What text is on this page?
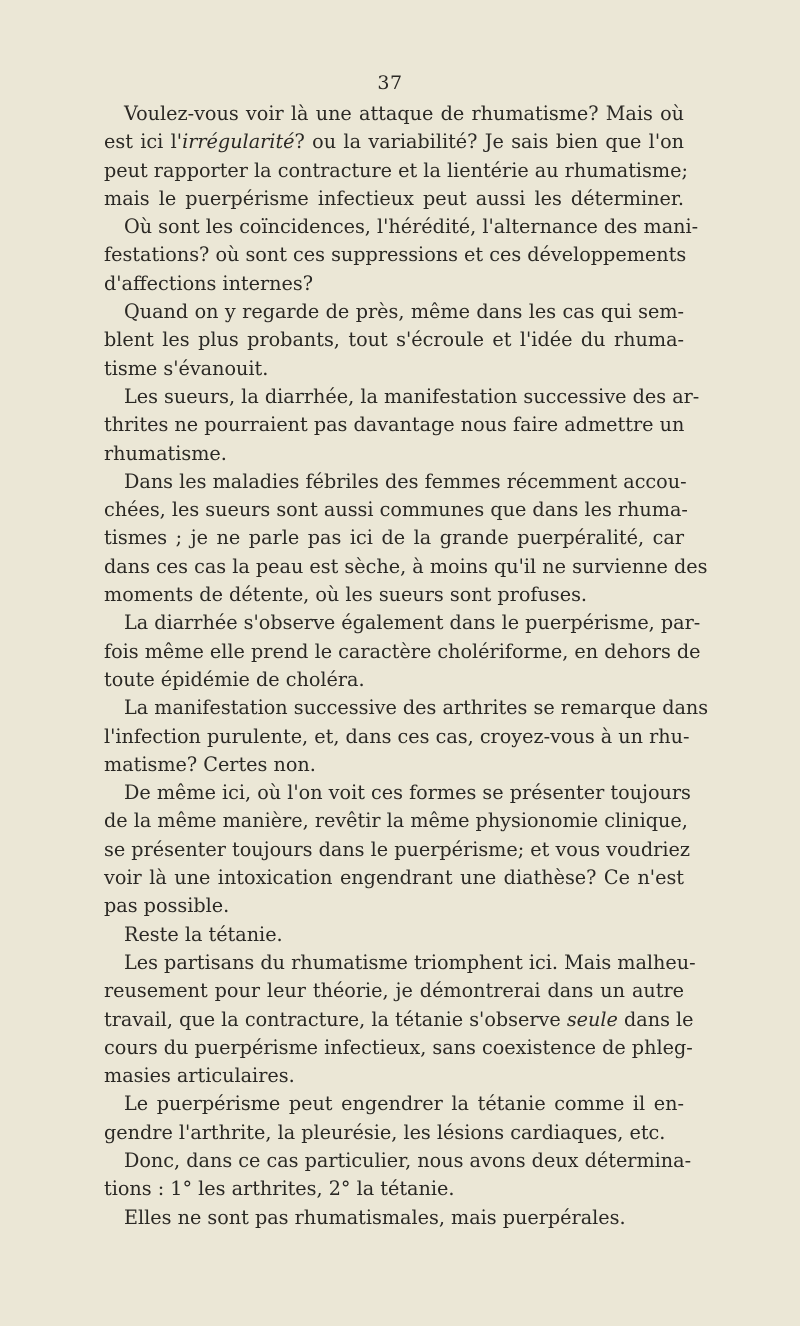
37
Voulez-vous voir là une attaque de rhumatisme? Mais où
est ici l'irrégularité? ou la variabilité? Je sais bien que l'on
peut rapporter la contracture et la lientérie au rhumatisme;
mais le puerpérisme infectieux peut aussi les déterminer.
Où sont les coïncidences, l'hérédité, l'alternance des mani-
festations? où sont ces suppressions et ces développements
d'affections internes?
Quand on y regarde de près, même dans les cas qui sem-
blent les plus probants, tout s'écroule et l'idée du rhuma-
tisme s'évanouit.
Les sueurs, la diarrhée, la manifestation successive des ar-
thrites ne pourraient pas davantage nous faire admettre un
rhumatisme.
Dans les maladies fébriles des femmes récemment accou-
chées, les sueurs sont aussi communes que dans les rhuma-
tismes ; je ne parle pas ici de la grande puerpéralité, car
dans ces cas la peau est sèche, à moins qu'il ne survienne des
moments de détente, où les sueurs sont profuses.
La diarrhée s'observe également dans le puerpérisme, par-
fois même elle prend le caractère cholériforme, en dehors de
toute épidémie de choléra.
La manifestation successive des arthrites se remarque dans
l'infection purulente, et, dans ces cas, croyez-vous à un rhu-
matisme? Certes non.
De même ici, où l'on voit ces formes se présenter toujours
de la même manière, revêtir la même physionomie clinique,
se présenter toujours dans le puerpérisme; et vous voudriez
voir là une intoxication engendrant une diathèse? Ce n'est
pas possible.
Reste la tétanie.
Les partisans du rhumatisme triomphent ici. Mais malheu-
reusement pour leur théorie, je démontrerai dans un autre
travail, que la contracture, la tétanie s'observe seule dans le
cours du puerpérisme infectieux, sans coexistence de phleg-
masies articulaires.
Le puerpérisme peut engendrer la tétanie comme il en-
gendre l'arthrite, la pleurésie, les lésions cardiaques, etc.
Donc, dans ce cas particulier, nous avons deux détermina-
tions : 1° les arthrites, 2° la tétanie.
Elles ne sont pas rhumatismales, mais puerpérales.
